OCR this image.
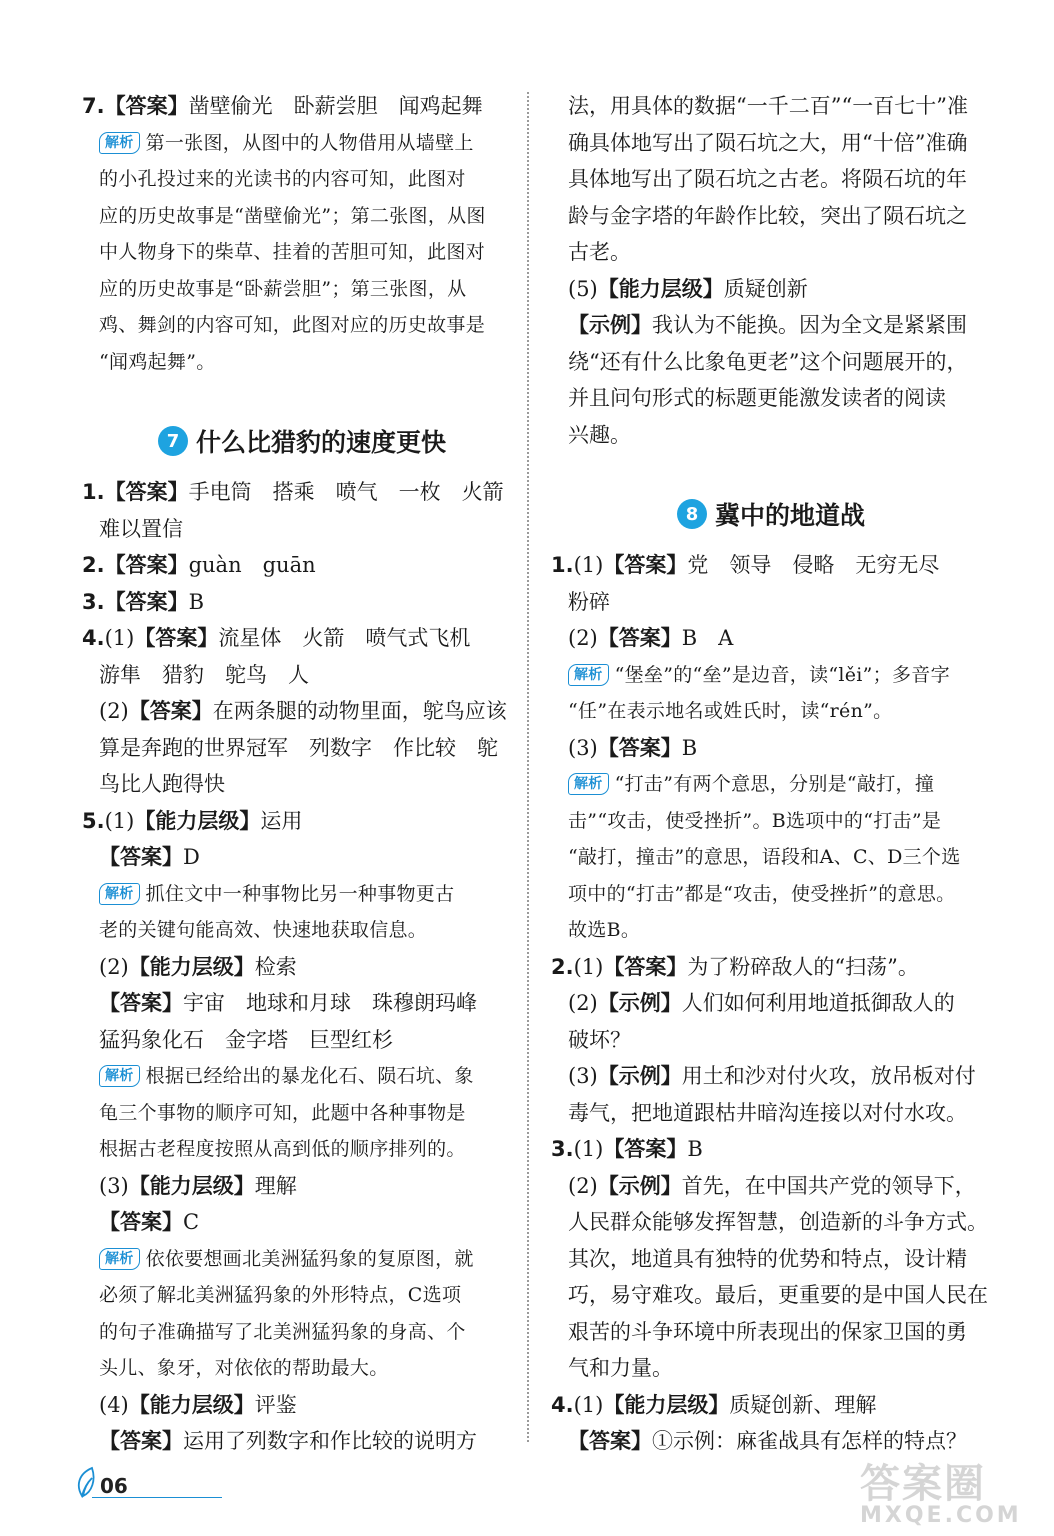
7.【答案】凿壁偷光　卧薪尝胆　闻鸡起舞
解析 第一张图，从图中的人物借用从墙壁上
的小孔投过来的光读书的内容可知，此图对
应的历史故事是“凿壁偷光”；第二张图，从图
中人物身下的柴草、挂着的苦胆可知，此图对
应的历史故事是“卧薪尝胆”；第三张图，从
鸡、舞剑的内容可知，此图对应的历史故事是
“闻鸡起舞”。
7 什么比猎豹的速度更快
1.【答案】手电筒　搭乘　喷气　一枚　火箭
难以置信
2.【答案】guàn　guān
3.【答案】B
4.(1)【答案】流星体　火箭　喷气式飞机
游隼　猎豹　鸵鸟　人
(2)【答案】在两条腿的动物里面，鸵鸟应该
算是奔跑的世界冠军　列数字　作比较　鸵
鸟比人跑得快
5.(1)【能力层级】运用
【答案】D
解析 抓住文中一种事物比另一种事物更古
老的关键句能高效、快速地获取信息。
(2)【能力层级】检索
【答案】宇宙　地球和月球　珠穆朗玛峰
猛犸象化石　金字塔　巨型红杉
解析 根据已经给出的暴龙化石、陨石坑、象
龟三个事物的顺序可知，此题中各种事物是
根据古老程度按照从高到低的顺序排列的。
(3)【能力层级】理解
【答案】C
解析 依依要想画北美洲猛犸象的复原图，就
必须了解北美洲猛犸象的外形特点，C选项
的句子准确描写了北美洲猛犸象的身高、个
头儿、象牙，对依依的帮助最大。
(4)【能力层级】评鉴
【答案】运用了列数字和作比较的说明方
法，用具体的数据“一千二百”“一百七十”准
确具体地写出了陨石坑之大，用“十倍”准确
具体地写出了陨石坑之古老。将陨石坑的年
龄与金字塔的年龄作比较，突出了陨石坑之
古老。
(5)【能力层级】质疑创新
【示例】我认为不能换。因为全文是紧紧围
绕“还有什么比象龟更老”这个问题展开的，
并且问句形式的标题更能激发读者的阅读
兴趣。
8 冀中的地道战
1.(1)【答案】党　领导　侵略　无穷无尽
粉碎
(2)【答案】B　A
解析 “堡垒”的“垒”是边音，读“lěi”；多音字
“任”在表示地名或姓氏时，读“rén”。
(3)【答案】B
解析 “打击”有两个意思，分别是“敲打，撞
击”“攻击，使受挫折”。B选项中的“打击”是
“敲打，撞击”的意思，语段和A、C、D三个选
项中的“打击”都是“攻击，使受挫折”的意思。
故选B。
2.(1)【答案】为了粉碎敌人的“扫荡”。
(2)【示例】人们如何利用地道抵御敌人的
破坏？
(3)【示例】用土和沙对付火攻，放吊板对付
毒气，把地道跟枯井暗沟连接以对付水攻。
3.(1)【答案】B
(2)【示例】首先，在中国共产党的领导下，
人民群众能够发挥智慧，创造新的斗争方式。
其次，地道具有独特的优势和特点，设计精
巧，易守难攻。最后，更重要的是中国人民在
艰苦的斗争环境中所表现出的保家卫国的勇
气和力量。
4.(1)【能力层级】质疑创新、理解
【答案】①示例：麻雀战具有怎样的特点？
06	答案圈
MXQE.COM
